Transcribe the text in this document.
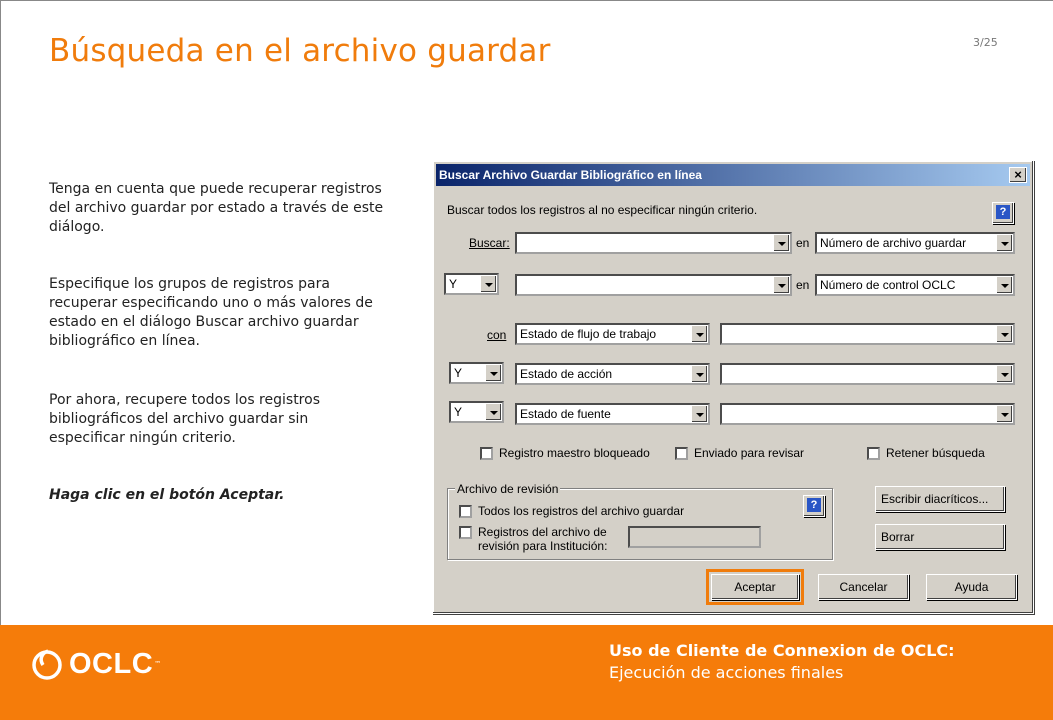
Búsqueda en el archivo guardar	3/25
Tenga en cuenta que puede recuperar registros del archivo guardar por estado a través de este diálogo.
Especifique los grupos de registros para recuperar especificando uno o más valores de estado en el diálogo Buscar archivo guardar bibliográfico en línea.
Por ahora, recupere todos los registros bibliográficos del archivo guardar sin especificar ningún criterio.
Haga clic en el botón Aceptar.
Buscar Archivo Guardar Bibliográfico en línea	×
Buscar todos los registros al no especificar ningún criterio.	?
Buscar:	en Número de archivo guardar
Y	en Número de control OCLC
con	Estado de flujo de trabajo
Y	Estado de acción
Y	Estado de fuente
Registro maestro bloqueado	Enviado para revisar	Retener búsqueda
Archivo de revisión
?
Todos los registros del archivo guardar
Registros del archivo de
revisión para Institución:
Escribir diacríticos...
Borrar
Aceptar	Cancelar	Ayuda
OCLC ™
Uso de Cliente de Connexion de OCLC:
Ejecución de acciones finales
